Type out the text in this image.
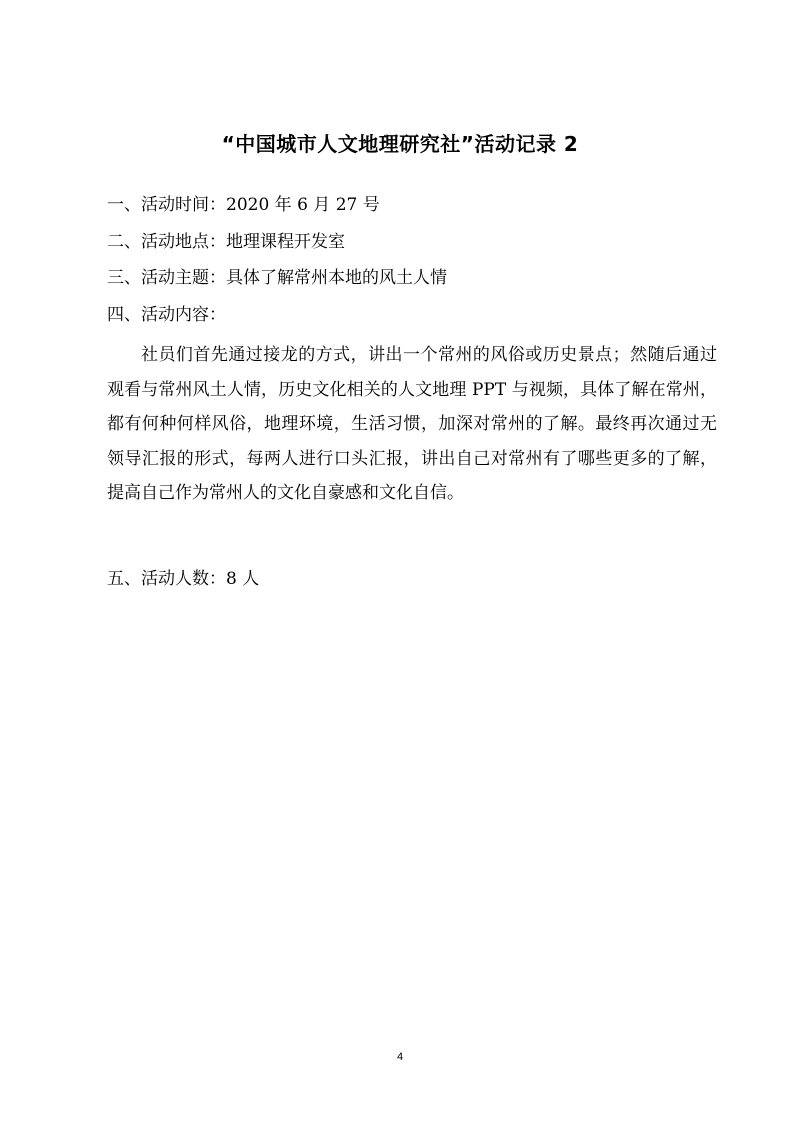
“中国城市人文地理研究社”活动记录 2
一、活动时间：2020 年 6 月 27 号
二、活动地点：地理课程开发室
三、活动主题：具体了解常州本地的风土人情
四、活动内容：

社员们首先通过接龙的方式，讲出一个常州的风俗或历史景点；然随后通过观看与常州风土人情，历史文化相关的人文地理 PPT 与视频，具体了解在常州，都有何种何样风俗，地理环境，生活习惯，加深对常州的了解。最终再次通过无领导汇报的形式，每两人进行口头汇报，讲出自己对常州有了哪些更多的了解，提高自己作为常州人的文化自豪感和文化自信。

五、活动人数：8 人
4
